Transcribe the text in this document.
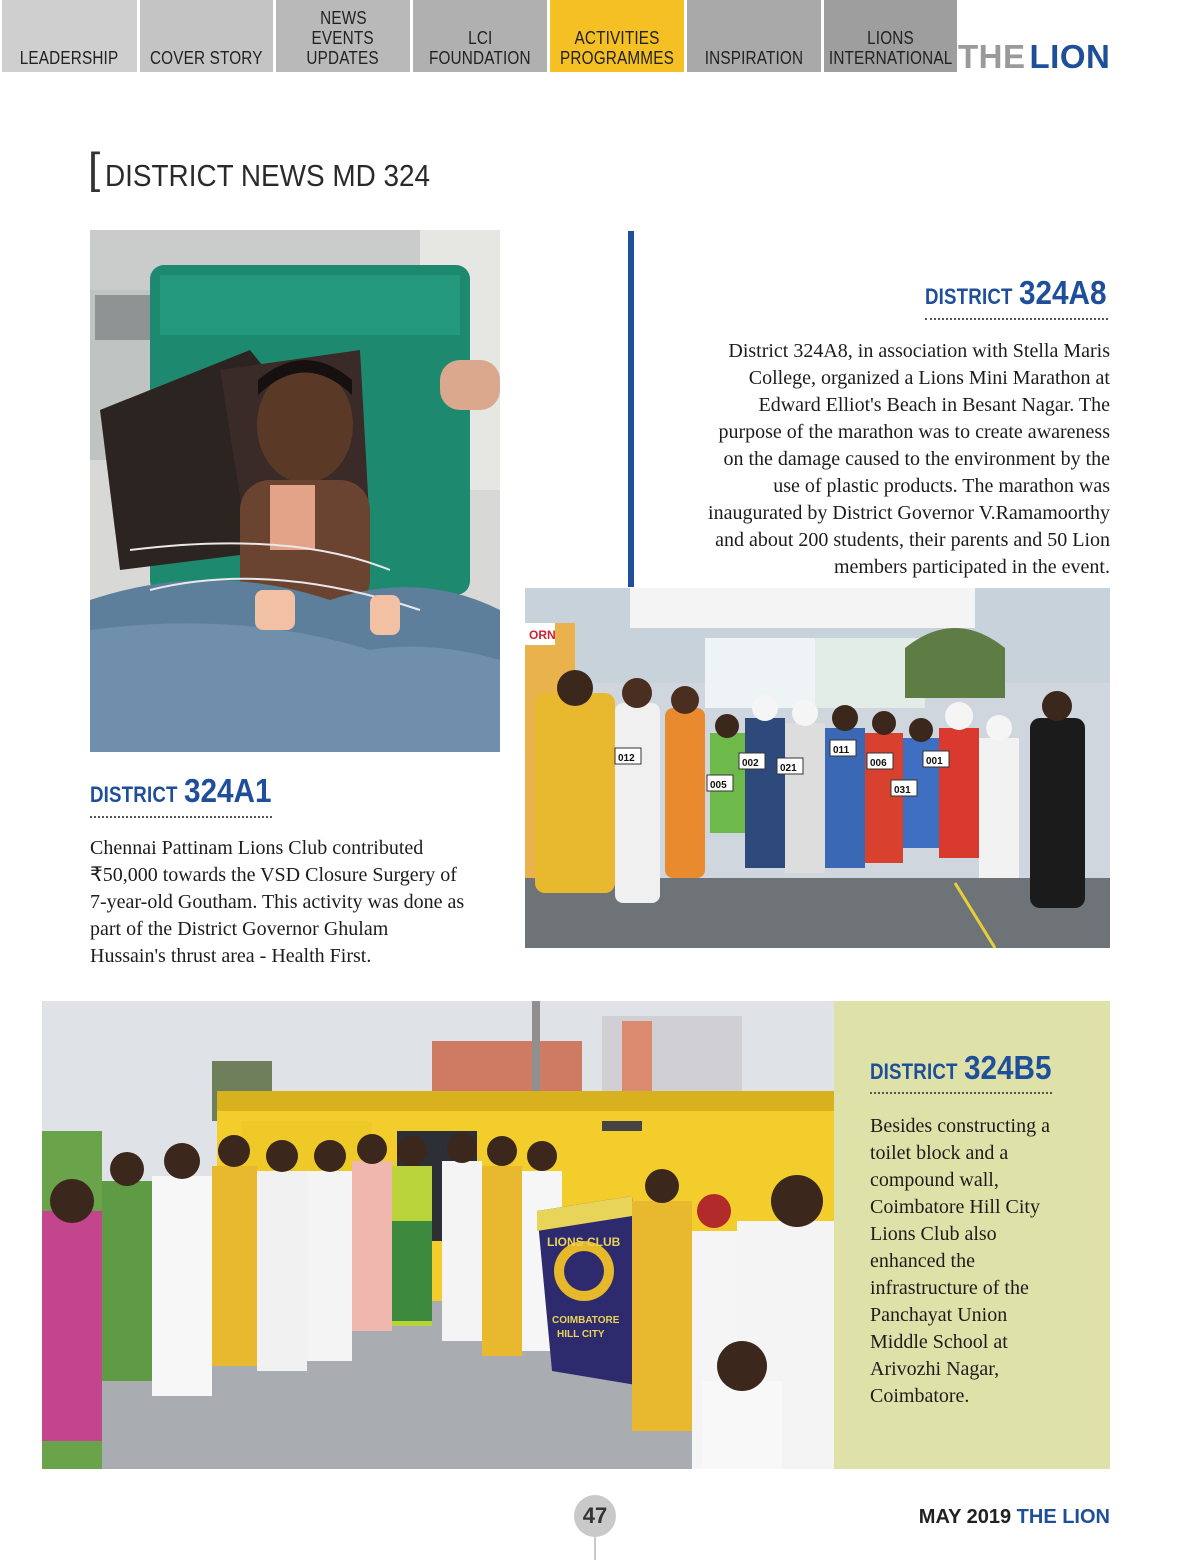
LEADERSHIP COVER STORY
NEWS
EVENTS
UPDATES
LCI
FOUNDATION
ACTIVITIES
PROGRAMMES INSPIRATION
LIONS
INTERNATIONAL THE LION
[ DISTRICT NEWS MD 324
DISTRICT 324A8
District 324A8, in association with Stella Maris
College, organized a Lions Mini Marathon at
Edward Elliot's Beach in Besant Nagar. The
purpose of the marathon was to create awareness
on the damage caused to the environment by the
use of plastic products. The marathon was
inaugurated by District Governor V.Ramamoorthy
and about 200 students, their parents and 50 Lion
members participated in the event.
ORN
012
005
002 021
011
006	001
031
DISTRICT 324A1
Chennai Pattinam Lions Club contributed
₹50,000 towards the VSD Closure Surgery of
7-year-old Goutham. This activity was done as
part of the District Governor Ghulam
Hussain's thrust area - Health First.
LIONS CLUB
COIMBATORE
HILL CITY
DISTRICT 324B5
Besides constructing a
toilet block and a
compound wall,
Coimbatore Hill City
Lions Club also
enhanced the
infrastructure of the
Panchayat Union
Middle School at
Arivozhi Nagar,
Coimbatore.
47	MAY 2019 THE LION
